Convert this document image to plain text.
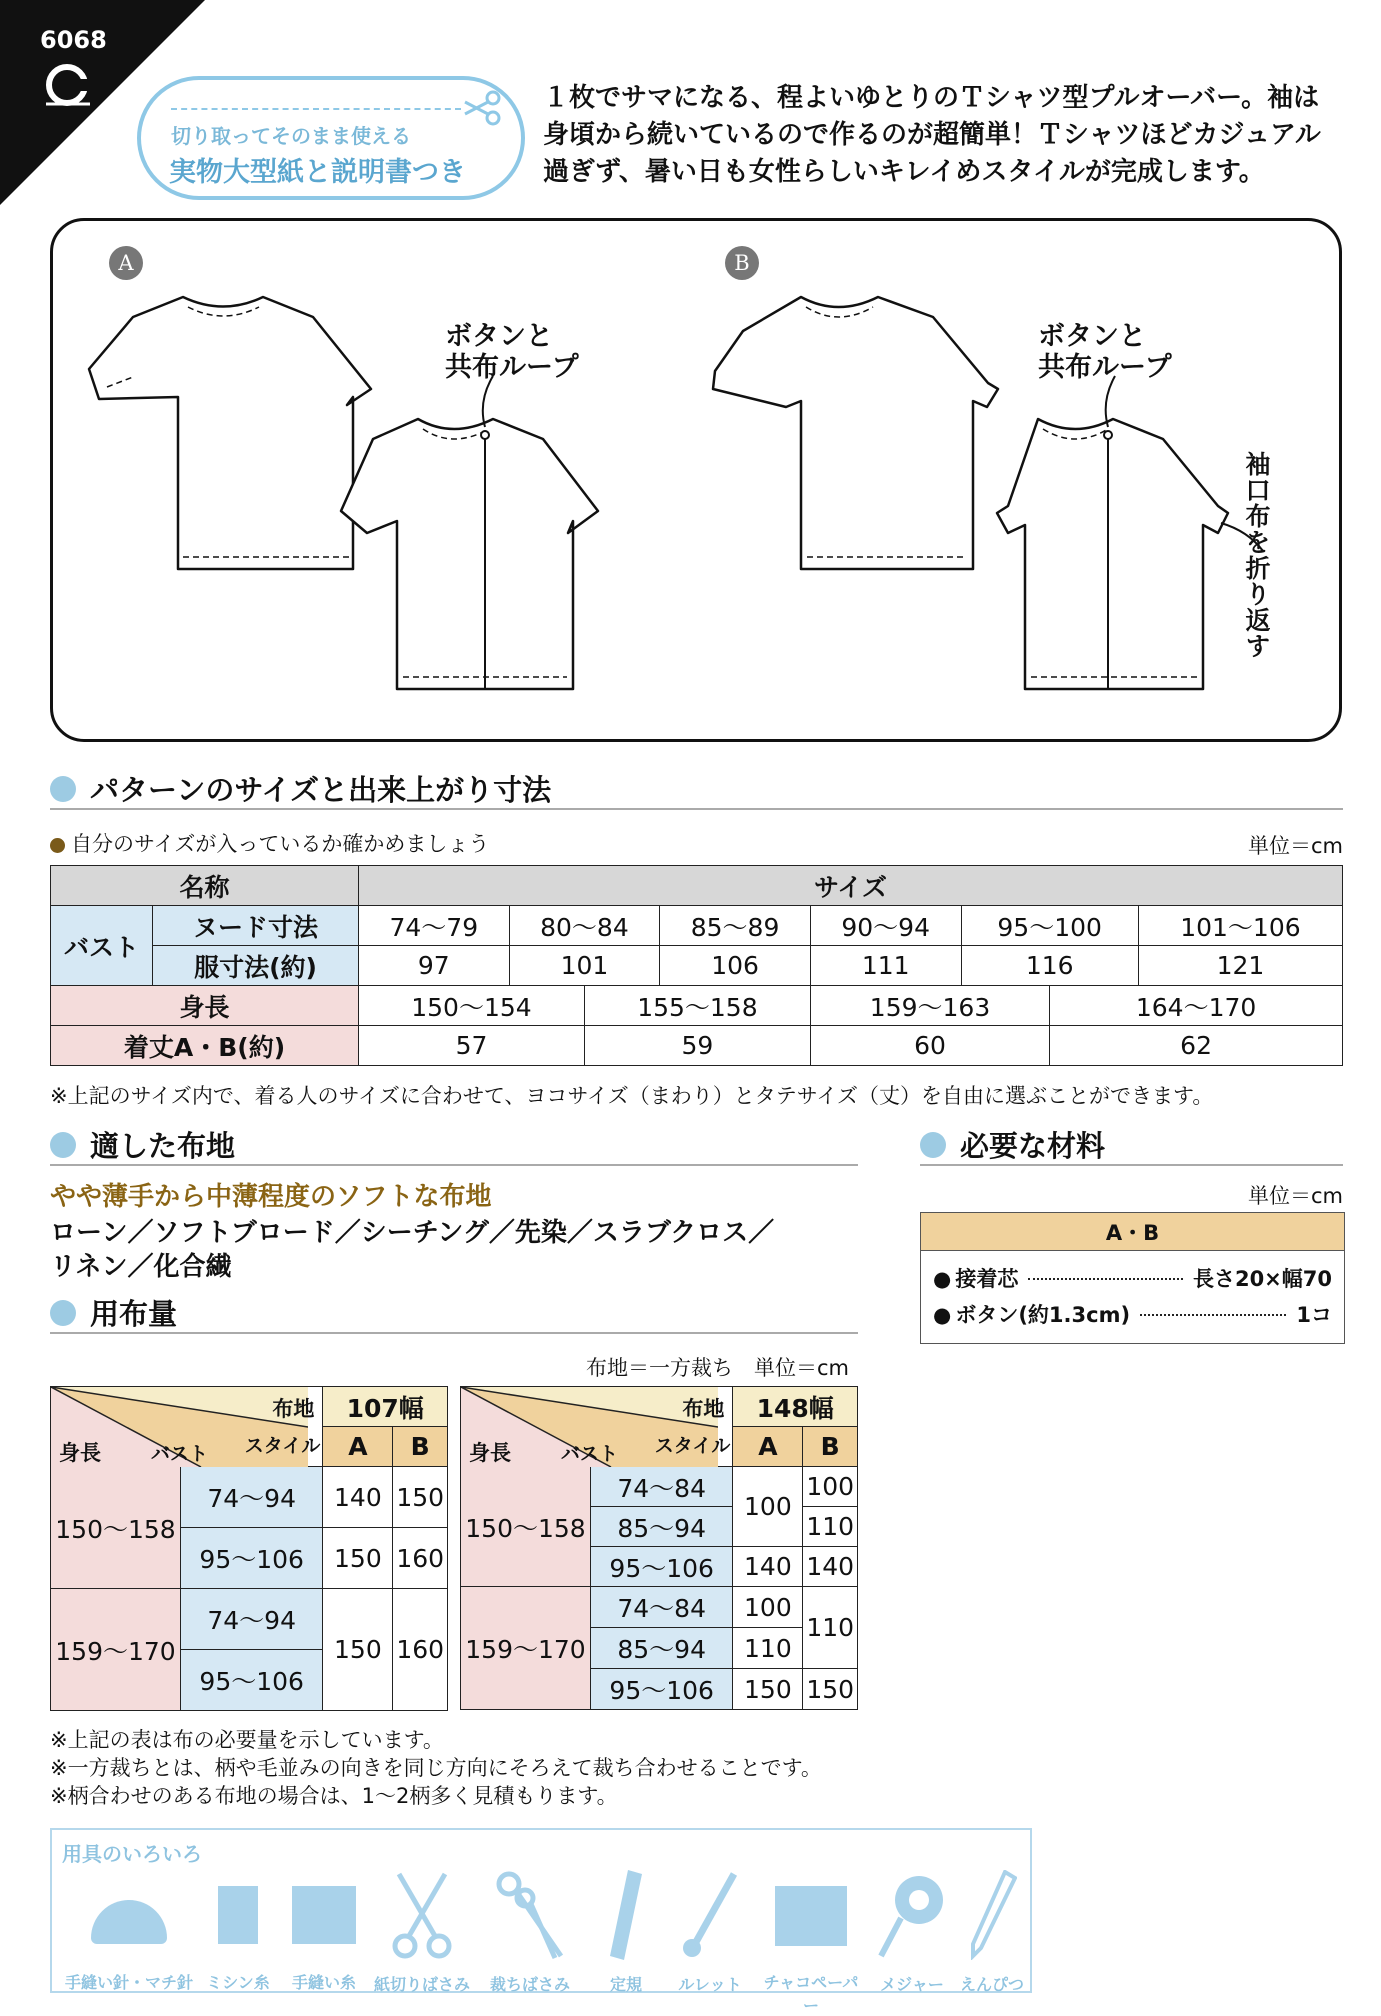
6068
切り取ってそのまま使える
実物大型紙と説明書つき
１枚でサマになる、程よいゆとりのＴシャツ型プルオーバー。袖は身頃から続いているので作るのが超簡単！Ｔシャツほどカジュアル過ぎず、暑い日も女性らしいキレイめスタイルが完成します。
A	B
ボタンと
共布ループ
ボタンと
共布ループ
袖口布を折り返す
パターンのサイズと出来上がり寸法
自分のサイズが入っているか確かめましょう	単位＝cm
名称		サイズ							
バスト	ヌード寸法	74〜79	80〜84		85〜89	90〜94	95〜100		101〜106
	服寸法(約)	97	101		106	111	116		121
身長		150〜154		155〜158		159〜163		164〜170	
着丈A・B(約)		57		59		60		62	
※上記のサイズ内で、着る人のサイズに合わせて、ヨコサイズ（まわり）とタテサイズ（丈）を自由に選ぶことができます。
適した布地
やや薄手から中薄程度のソフトな布地
ローン／ソフトブロード／シーチング／先染／スラブクロス／
リネン／化合繊
用布量
布地＝一方裁ち　単位＝cm
布地
スタイル
バスト
身長		107幅	
		A	B
150〜158	74〜94	140	150
	95〜106	150	160
159〜170	74〜94	150	160
	95〜106		
布地
スタイル
バスト
身長		148幅	
		A	B
150〜158	74〜84	100	100
	85〜94		110
	95〜106	140	140
159〜170	74〜84	100	110
	85〜94	110	
	95〜106	150	150
※上記の表は布の必要量を示しています。
※一方裁ちとは、柄や毛並みの向きを同じ方向にそろえて裁ち合わせることです。
※柄合わせのある布地の場合は、1〜2柄多く見積もります。
必要な材料
単位＝cm
A・B

● 接着芯	長さ20×幅70
● ボタン(約1.3cm)	1コ
用具のいろいろ
手縫い針・マチ針 ミシン糸	手縫い糸	紙切りばさみ	裁ちばさみ	定規	ルレット	チャコペーパー
メジャー	えんぴつ
